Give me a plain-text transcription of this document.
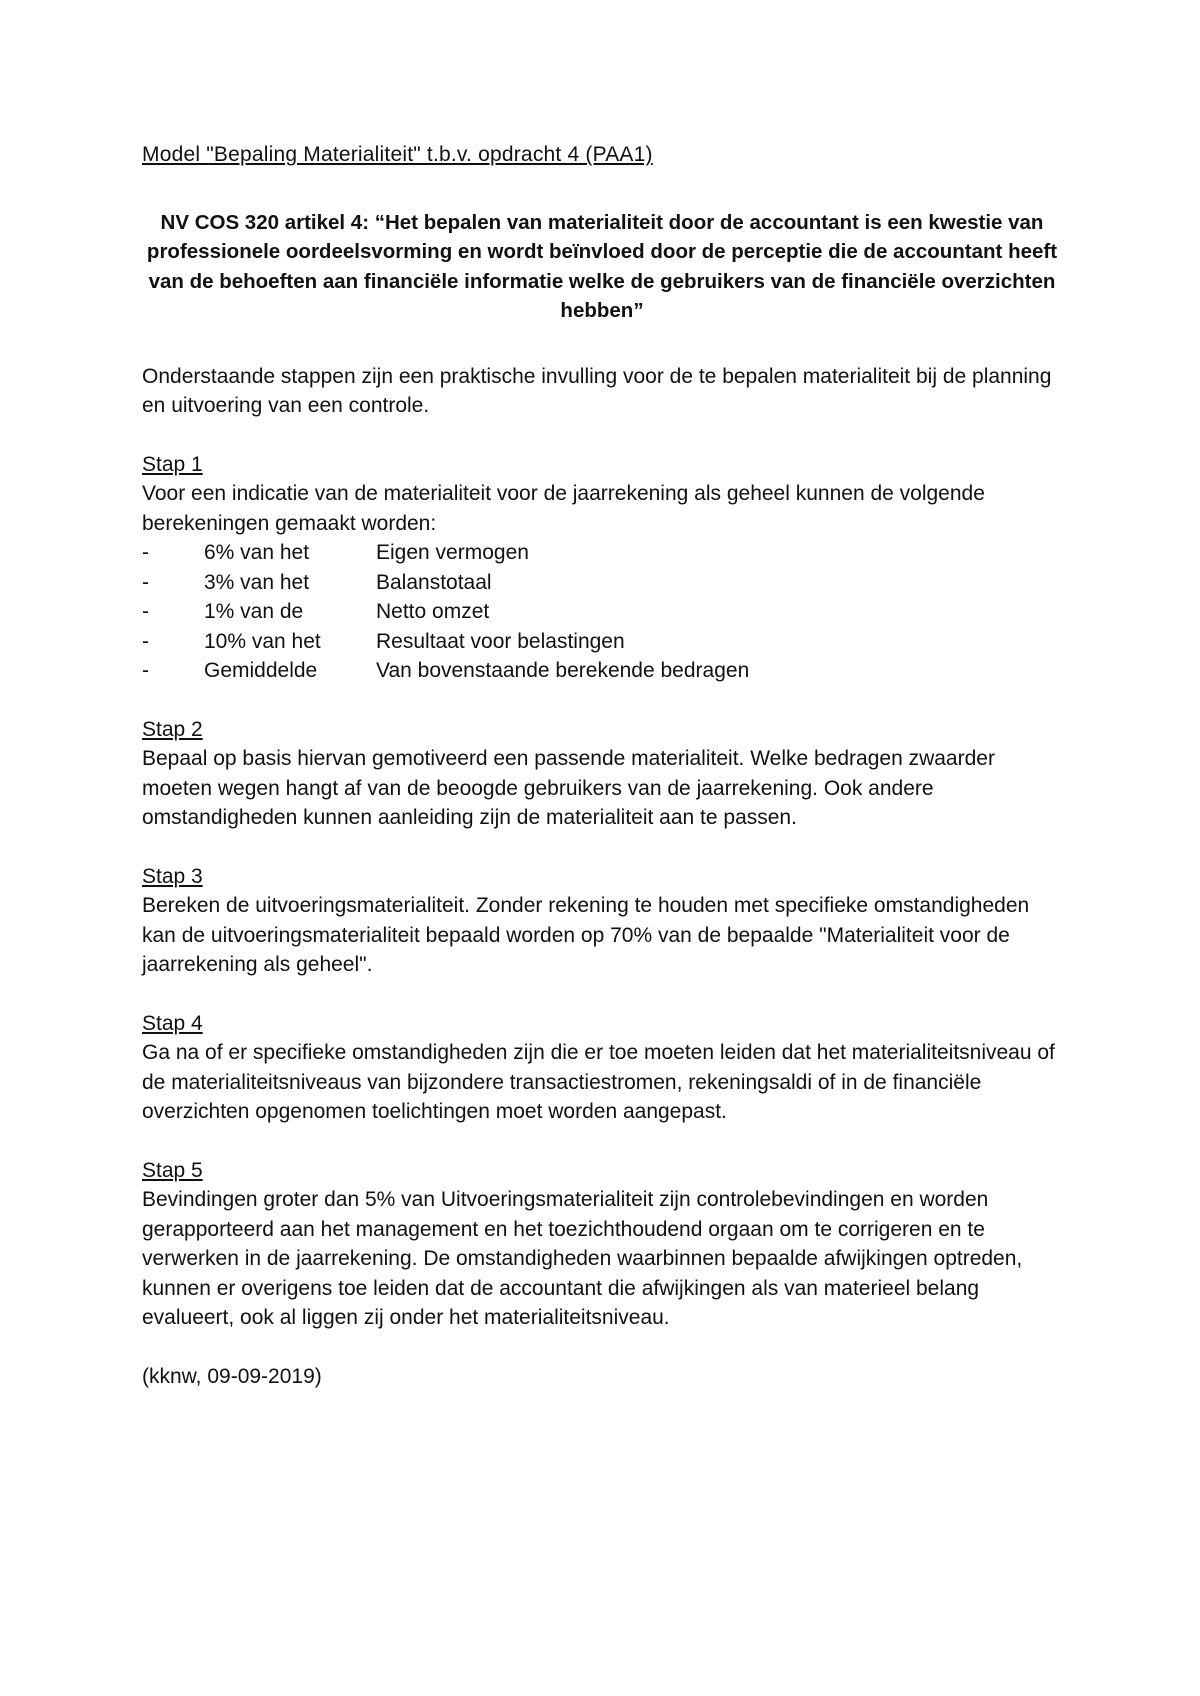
Model "Bepaling Materialiteit" t.b.v. opdracht 4 (PAA1)

NV COS 320 artikel 4: “Het bepalen van materialiteit door de accountant is een kwestie van professionele oordeelsvorming en wordt beïnvloed door de perceptie die de accountant heeft van de behoeften aan financiële informatie welke de gebruikers van de financiële overzichten hebben”

Onderstaande stappen zijn een praktische invulling voor de te bepalen materialiteit bij de planning en uitvoering van een controle.

Stap 1

Voor een indicatie van de materialiteit voor de jaarrekening als geheel kunnen de volgende berekeningen gemaakt worden:

-	6% van het	Eigen vermogen
-	3% van het	Balanstotaal
-	1% van de	Netto omzet
-	10% van het	Resultaat voor belastingen
-	Gemiddelde	Van bovenstaande berekende bedragen
Stap 2

Bepaal op basis hiervan gemotiveerd een passende materialiteit. Welke bedragen zwaarder moeten wegen hangt af van de beoogde gebruikers van de jaarrekening. Ook andere omstandigheden kunnen aanleiding zijn de materialiteit aan te passen.

Stap 3

Bereken de uitvoeringsmaterialiteit. Zonder rekening te houden met specifieke omstandigheden kan de uitvoeringsmaterialiteit bepaald worden op 70% van de bepaalde "Materialiteit voor de jaarrekening als geheel".

Stap 4

Ga na of er specifieke omstandigheden zijn die er toe moeten leiden dat het materialiteitsniveau of de materialiteitsniveaus van bijzondere transactiestromen, rekeningsaldi of in de financiële overzichten opgenomen toelichtingen moet worden aangepast.

Stap 5

Bevindingen groter dan 5% van Uitvoeringsmaterialiteit zijn controlebevindingen en worden gerapporteerd aan het management en het toezichthoudend orgaan om te corrigeren en te verwerken in de jaarrekening. De omstandigheden waarbinnen bepaalde afwijkingen optreden, kunnen er overigens toe leiden dat de accountant die afwijkingen als van materieel belang evalueert, ook al liggen zij onder het materialiteitsniveau.

(kknw, 09-09-2019)
